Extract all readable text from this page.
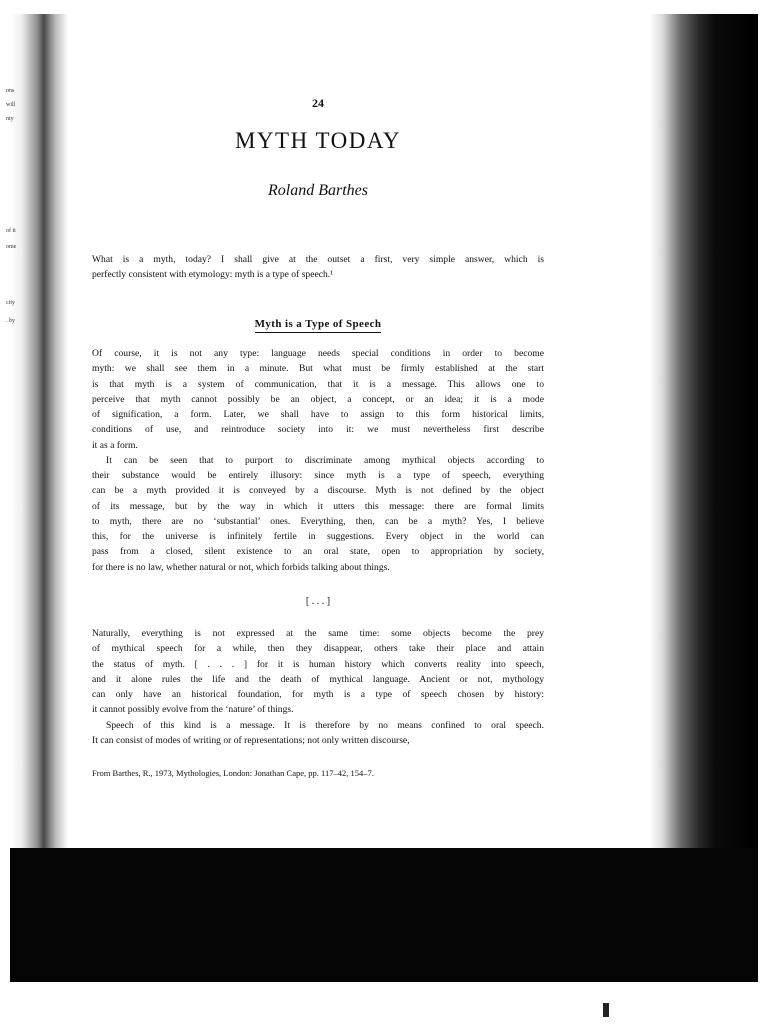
ons
will
nty
of it
ome
city
. by
24
MYTH TODAY
Roland Barthes

What is a myth, today? I shall give at the outset a first, very simple answer, which is
perfectly consistent with etymology: myth is a type of speech.¹

Myth is a Type of Speech

Of course, it is not any type: language needs special conditions in order to become
myth: we shall see them in a minute. But what must be firmly established at the start
is that myth is a system of communication, that it is a message. This allows one to
perceive that myth cannot possibly be an object, a concept, or an idea; it is a mode
of signification, a form. Later, we shall have to assign to this form historical limits,
conditions of use, and reintroduce society into it: we must nevertheless first describe
it as a form.

It can be seen that to purport to discriminate among mythical objects according to
their substance would be entirely illusory: since myth is a type of speech, everything
can be a myth provided it is conveyed by a discourse. Myth is not defined by the object
of its message, but by the way in which it utters this message: there are formal limits
to myth, there are no ‘substantial’ ones. Everything, then, can be a myth? Yes, I believe
this, for the universe is infinitely fertile in suggestions. Every object in the world can
pass from a closed, silent existence to an oral state, open to appropriation by society,
for there is no law, whether natural or not, which forbids talking about things.

[ . . . ]

Naturally, everything is not expressed at the same time: some objects become the prey
of mythical speech for a while, then they disappear, others take their place and attain
the status of myth. [ . . . ] for it is human history which converts reality into speech,
and it alone rules the life and the death of mythical language. Ancient or not, mythology
can only have an historical foundation, for myth is a type of speech chosen by history:
it cannot possibly evolve from the ‘nature’ of things.

Speech of this kind is a message. It is therefore by no means confined to oral speech.
It can consist of modes of writing or of representations; not only written discourse,

From Barthes, R., 1973, Mythologies, London: Jonathan Cape, pp. 117–42, 154–7.
